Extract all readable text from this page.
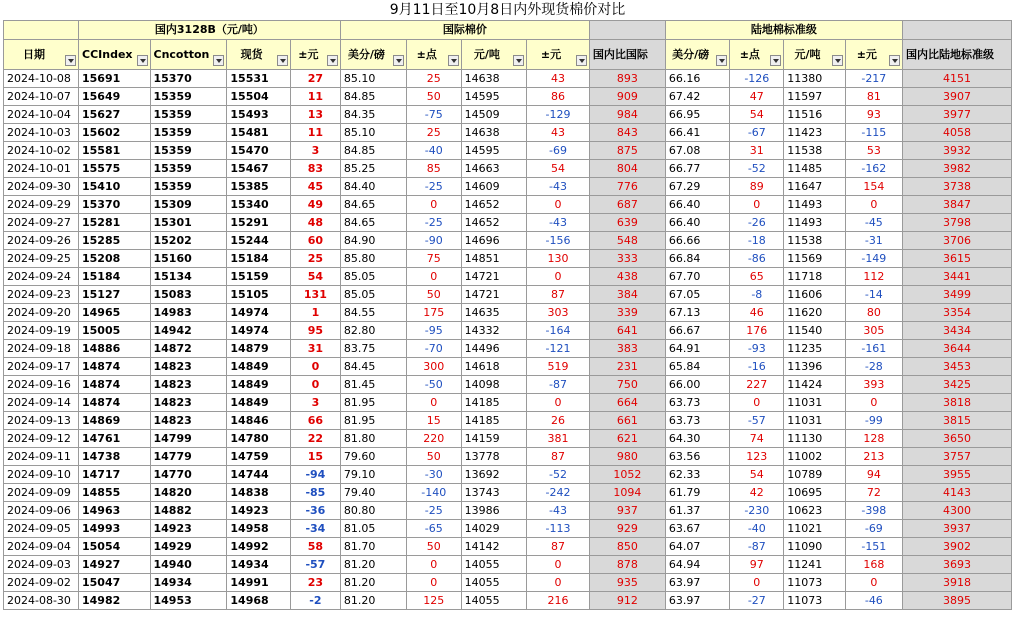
9月11日至10月8日内外现货棉价对比														
	国内3128B（元/吨）				国际棉价					陆地棉标准级				

日期	CCIndex	Cncotton	现货	±元	美分/磅	±点	元/吨	±元	国内比国际	美分/磅	±点	元/吨	±元	国内比陆地标准级

2024-10-08	15691	15370	15531	27	85.10	25	14638	43	893	66.16	-126	11380	-217	4151
2024-10-07	15649	15359	15504	11	84.85	50	14595	86	909	67.42	47	11597	81	3907
2024-10-04	15627	15359	15493	13	84.35	-75	14509	-129	984	66.95	54	11516	93	3977
2024-10-03	15602	15359	15481	11	85.10	25	14638	43	843	66.41	-67	11423	-115	4058
2024-10-02	15581	15359	15470	3	84.85	-40	14595	-69	875	67.08	31	11538	53	3932
2024-10-01	15575	15359	15467	83	85.25	85	14663	54	804	66.77	-52	11485	-162	3982
2024-09-30	15410	15359	15385	45	84.40	-25	14609	-43	776	67.29	89	11647	154	3738
2024-09-29	15370	15309	15340	49	84.65	0	14652	0	687	66.40	0	11493	0	3847
2024-09-27	15281	15301	15291	48	84.65	-25	14652	-43	639	66.40	-26	11493	-45	3798
2024-09-26	15285	15202	15244	60	84.90	-90	14696	-156	548	66.66	-18	11538	-31	3706
2024-09-25	15208	15160	15184	25	85.80	75	14851	130	333	66.84	-86	11569	-149	3615
2024-09-24	15184	15134	15159	54	85.05	0	14721	0	438	67.70	65	11718	112	3441
2024-09-23	15127	15083	15105	131	85.05	50	14721	87	384	67.05	-8	11606	-14	3499
2024-09-20	14965	14983	14974	1	84.55	175	14635	303	339	67.13	46	11620	80	3354
2024-09-19	15005	14942	14974	95	82.80	-95	14332	-164	641	66.67	176	11540	305	3434
2024-09-18	14886	14872	14879	31	83.75	-70	14496	-121	383	64.91	-93	11235	-161	3644
2024-09-17	14874	14823	14849	0	84.45	300	14618	519	231	65.84	-16	11396	-28	3453
2024-09-16	14874	14823	14849	0	81.45	-50	14098	-87	750	66.00	227	11424	393	3425
2024-09-14	14874	14823	14849	3	81.95	0	14185	0	664	63.73	0	11031	0	3818
2024-09-13	14869	14823	14846	66	81.95	15	14185	26	661	63.73	-57	11031	-99	3815
2024-09-12	14761	14799	14780	22	81.80	220	14159	381	621	64.30	74	11130	128	3650
2024-09-11	14738	14779	14759	15	79.60	50	13778	87	980	63.56	123	11002	213	3757
2024-09-10	14717	14770	14744	-94	79.10	-30	13692	-52	1052	62.33	54	10789	94	3955
2024-09-09	14855	14820	14838	-85	79.40	-140	13743	-242	1094	61.79	42	10695	72	4143
2024-09-06	14963	14882	14923	-36	80.80	-25	13986	-43	937	61.37	-230	10623	-398	4300
2024-09-05	14993	14923	14958	-34	81.05	-65	14029	-113	929	63.67	-40	11021	-69	3937
2024-09-04	15054	14929	14992	58	81.70	50	14142	87	850	64.07	-87	11090	-151	3902
2024-09-03	14927	14940	14934	-57	81.20	0	14055	0	878	64.94	97	11241	168	3693
2024-09-02	15047	14934	14991	23	81.20	0	14055	0	935	63.97	0	11073	0	3918
2024-08-30	14982	14953	14968	-2	81.20	125	14055	216	912	63.97	-27	11073	-46	3895
